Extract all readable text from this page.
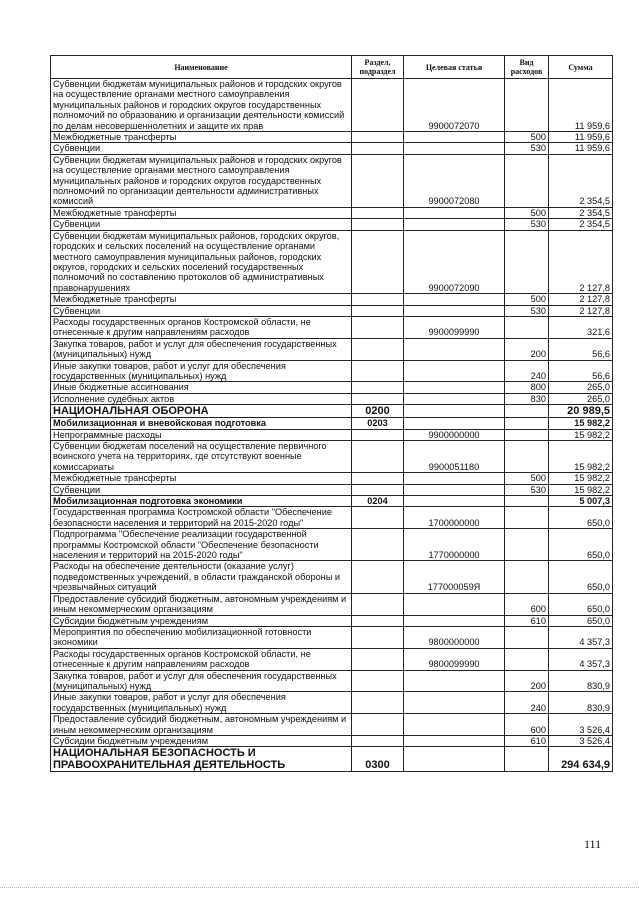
Наименование	Раздел, подраздел	Целевая статья	Вид расходов	Сумма
Субвенции бюджетам муниципальных районов и городских округов на осуществление органами местного самоуправления муниципальных районов и городских округов государственных полномочий по образованию и организации деятельности комиссий по делам несовершеннолетних и защите их прав		9900072070		11 959,6
Межбюджетные трансферты			500	11 959,6
Субвенции			530	11 959,6
Субвенции бюджетам муниципальных районов и городских округов на осуществление органами местного самоуправления муниципальных районов и городских округов государственных полномочий по организации деятельности административных комиссий		9900072080		2 354,5
Межбюджетные трансферты			500	2 354,5
Субвенции			530	2 354,5
Субвенции бюджетам муниципальных районов, городских округов, городских и сельских поселений на осуществление органами местного самоуправления муниципальных районов, городских округов, городских и сельских поселений государственных полномочий по составлению протоколов об административных правонарушениях		9900072090		2 127,8
Межбюджетные трансферты			500	2 127,8
Субвенции			530	2 127,8
Расходы государственных органов Костромской области, не отнесенные к другим направлениям расходов		9900099990		321,6
Закупка товаров, работ и услуг для обеспечения государственных (муниципальных) нужд			200	56,6
Иные закупки товаров, работ и услуг для обеспечения государственных (муниципальных) нужд			240	56,6
Иные бюджетные ассигнования			800	265,0
Исполнение судебных актов			830	265,0
НАЦИОНАЛЬНАЯ ОБОРОНА	0200			20 989,5
Мобилизационная и вневойсковая подготовка	0203			15 982,2
Непрограммные расходы		9900000000		15 982,2
Субвенции бюджетам поселений на осуществление первичного воинского учета на территориях, где отсутствуют военные комиссариаты		9900051180		15 982,2
Межбюджетные трансферты			500	15 982,2
Субвенции			530	15 982,2
Мобилизационная подготовка экономики	0204			5 007,3
Государственная программа Костромской области "Обеспечение безопасности населения и территорий на 2015-2020 годы"		1700000000		650,0
Подпрограмма "Обеспечение реализации государственной программы Костромской области "Обеспечение безопасности населения и территорий на 2015-2020 годы"		1770000000		650,0
Расходы на обеспечение деятельности (оказание услуг) подведомственных учреждений, в области гражданской обороны и чрезвычайных ситуаций		177000059Я		650,0
Предоставление субсидий бюджетным, автономным учреждениям и иным некоммерческим организациям			600	650,0
Субсидии бюджетным учреждениям			610	650,0
Мероприятия по обеспечению мобилизационной готовности экономики		9800000000		4 357,3
Расходы государственных органов Костромской области, не отнесенные к другим направлениям расходов		9800099990		4 357,3
Закупка товаров, работ и услуг для обеспечения государственных (муниципальных) нужд			200	830,9
Иные закупки товаров, работ и услуг для обеспечения государственных (муниципальных) нужд			240	830,9
Предоставление субсидий бюджетным, автономным учреждениям и иным некоммерческим организациям			600	3 526,4
Субсидии бюджетным учреждениям			610	3 526,4
НАЦИОНАЛЬНАЯ БЕЗОПАСНОСТЬ И ПРАВООХРАНИТЕЛЬНАЯ ДЕЯТЕЛЬНОСТЬ	0300			294 634,9
111
